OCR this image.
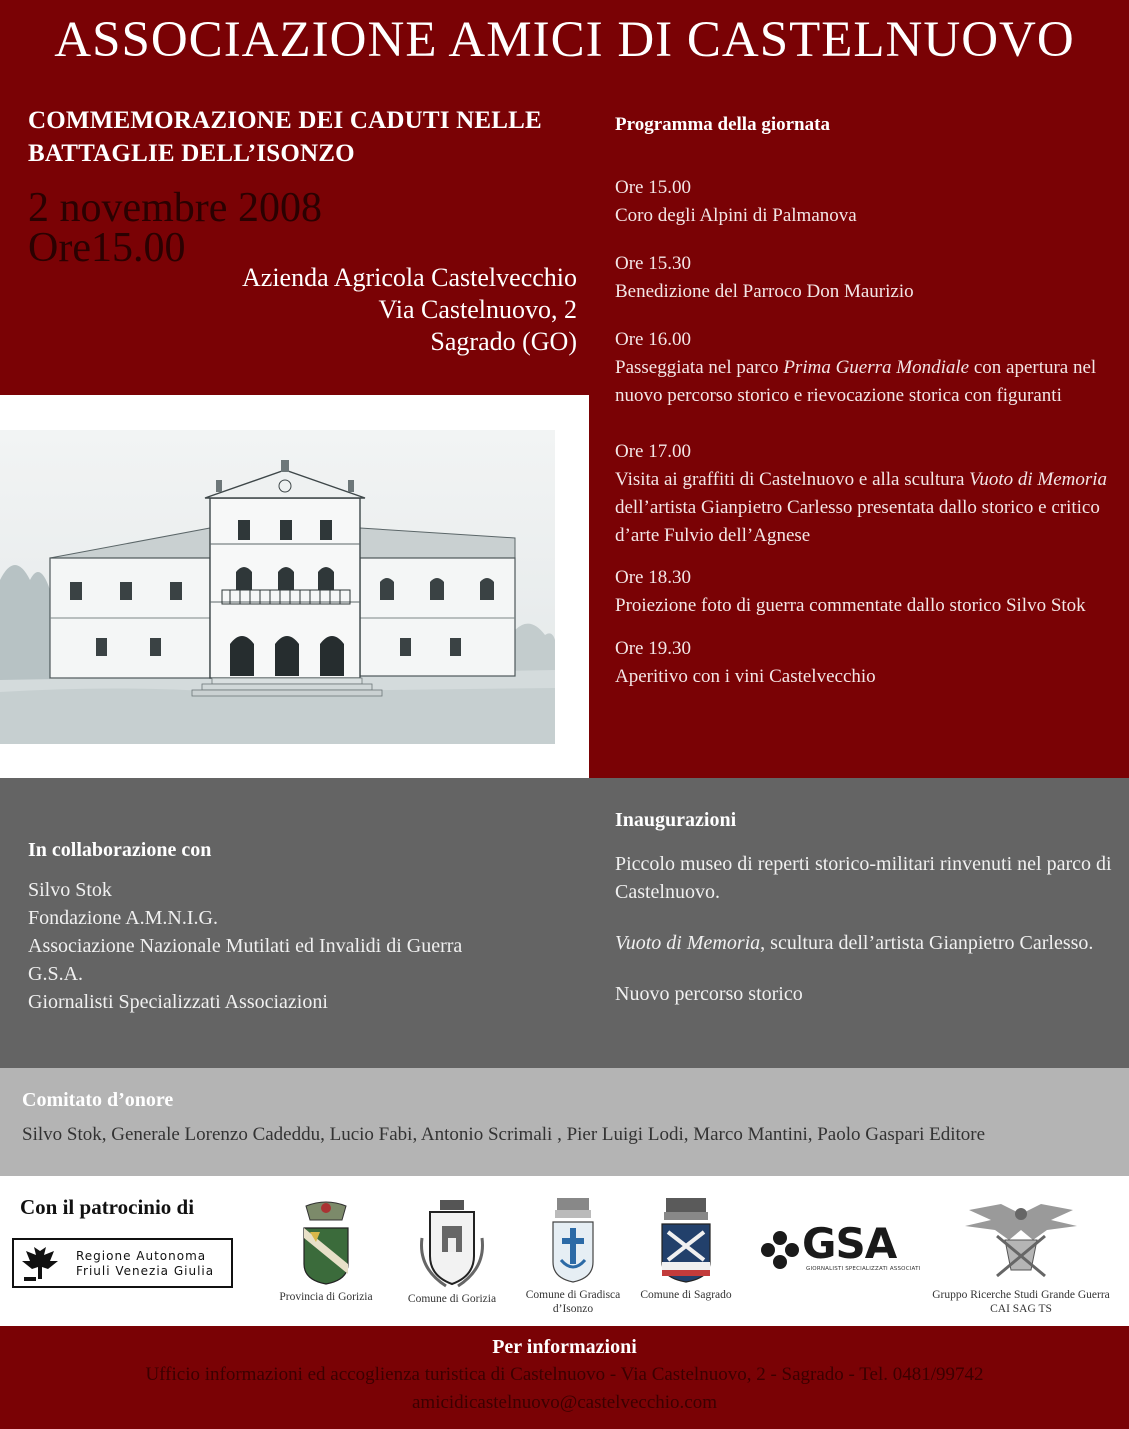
ASSOCIAZIONE AMICI DI CASTELNUOVO
COMMEMORAZIONE DEI CADUTI NELLE BATTAGLIE DELL’ISONZO
2 novembre 2008
Ore15.00
Azienda Agricola Castelvecchio
Via Castelnuovo, 2
Sagrado (GO)
Programma della giornata
Ore 15.00
Coro degli Alpini di Palmanova
Ore 15.30
Benedizione del Parroco Don Maurizio
Ore 16.00
Passeggiata nel parco Prima Guerra Mondiale con apertura nel nuovo percorso storico e rievocazione storica con figuranti
Ore 17.00
Visita ai graffiti di Castelnuovo e alla scultura Vuoto di Memoria dell’artista Gianpietro Carlesso presentata dallo storico e critico d’arte Fulvio dell’Agnese
Ore 18.30
Proiezione foto di guerra commentate dallo storico Silvo Stok
Ore 19.30
Aperitivo con i vini Castelvecchio
In collaborazione con
Silvo Stok
Fondazione A.M.N.I.G.
Associazione Nazionale Mutilati ed Invalidi di Guerra
G.S.A.
Giornalisti Specializzati Associazioni
Inaugurazioni
Piccolo museo di reperti storico-militari rinvenuti nel parco di Castelnuovo.
Vuoto di Memoria, scultura dell’artista Gianpietro Carlesso.
Nuovo percorso storico
Comitato d’onore
Silvo Stok, Generale Lorenzo Cadeddu, Lucio Fabi, Antonio Scrimali , Pier Luigi Lodi, Marco Mantini, Paolo Gaspari Editore
Con il patrocinio di
Regione Autonoma
Friuli Venezia Giulia
Provincia di Gorizia	Comune di Gorizia	Comune di Gradisca d’Isonzo
Comune di Sagrado
GSA
GIORNALISTI SPECIALIZZATI ASSOCIATI
Gruppo Ricerche Studi Grande Guerra
CAI SAG TS
Per informazioni
Ufficio informazioni ed accoglienza turistica di Castelnuovo - Via Castelnuovo, 2 - Sagrado - Tel. 0481/99742
amicidicastelnuovo@castelvecchio.com
